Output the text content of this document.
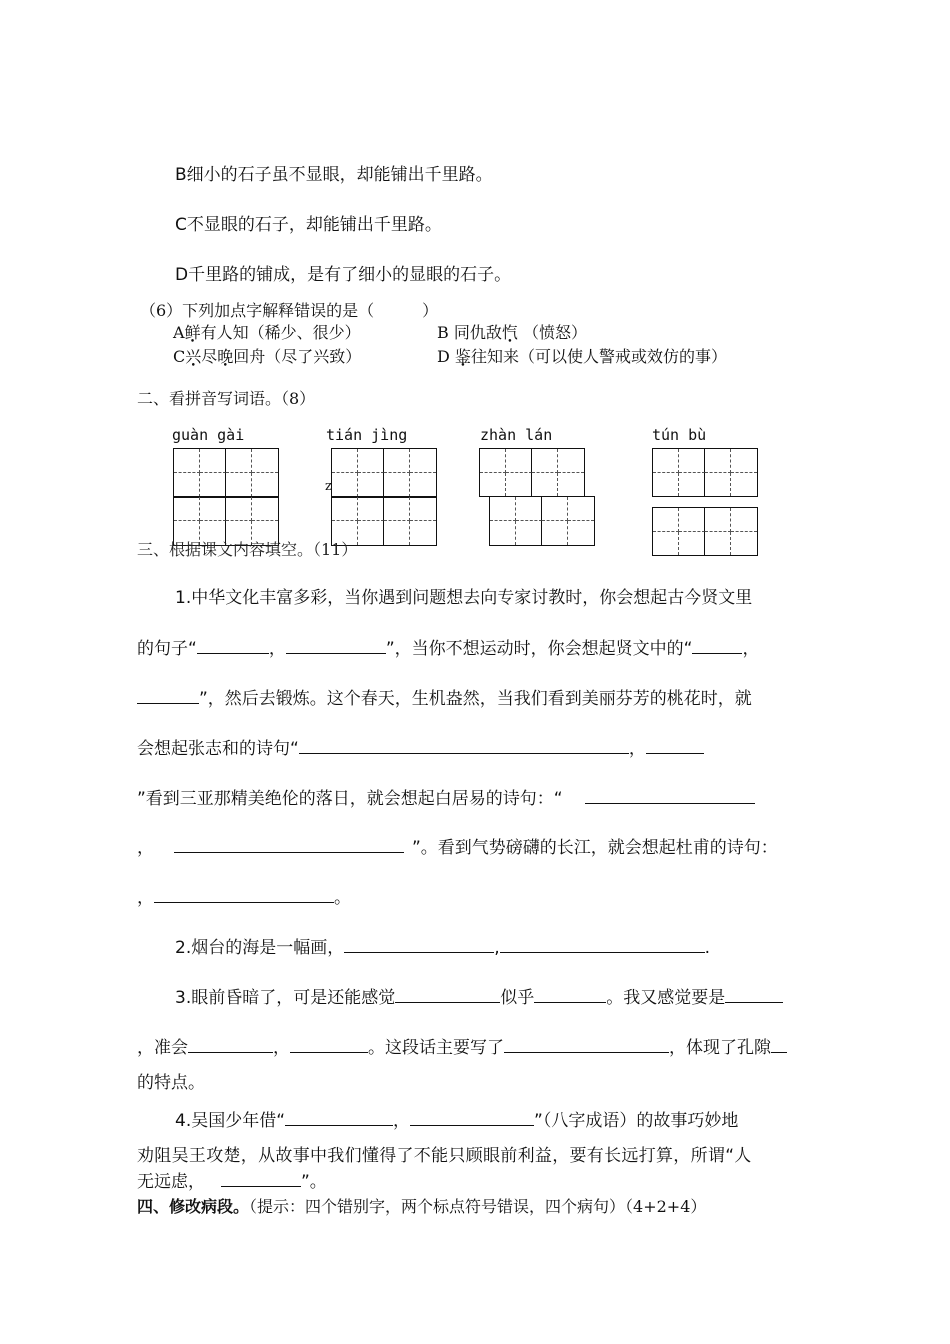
B细小的石子虽不显眼，却能铺出千里路。
C不显眼的石子，却能铺出千里路。
D千里路的铺成，是有了细小的显眼的石子。
（6）下列加点字解释错误的是（　　　）
A鲜有人知（稀少、很少）	B 同仇敌忾 （愤怒）
C兴尽晚回舟（尽了兴致）	D 鉴往知来（可以使人警戒或效仿的事）
二、看拼音写词语。（8）
guàn gài	tián jìng	zhàn lán	tún bù
z
三、根据课文内容填空。（11）
1.中华文化丰富多彩，当你遇到问题想去向专家讨教时，你会想起古今贤文里
的句子“	，	”，当你不想运动时，你会想起贤文中的“	，
”，然后去锻炼。这个春天，生机盎然，当我们看到美丽芬芳的桃花时，就
会想起张志和的诗句“	，
”看到三亚那精美绝伦的落日，就会想起白居易的诗句：“
，	”。看到气势磅礴的长江，就会想起杜甫的诗句：
，	。
2.烟台的海是一幅画，	,	.
3.眼前昏暗了，可是还能感觉	似乎	。我又感觉要是
，准会	，	。这段话主要写了	，体现了孔隙
的特点。
4.吴国少年借“	，	”（八字成语）的故事巧妙地
劝阻吴王攻楚，从故事中我们懂得了不能只顾眼前利益，要有长远打算，所谓“人
无远虑，	”。
四、修改病段。（提示：四个错别字，两个标点符号错误，四个病句）（4+2+4）
